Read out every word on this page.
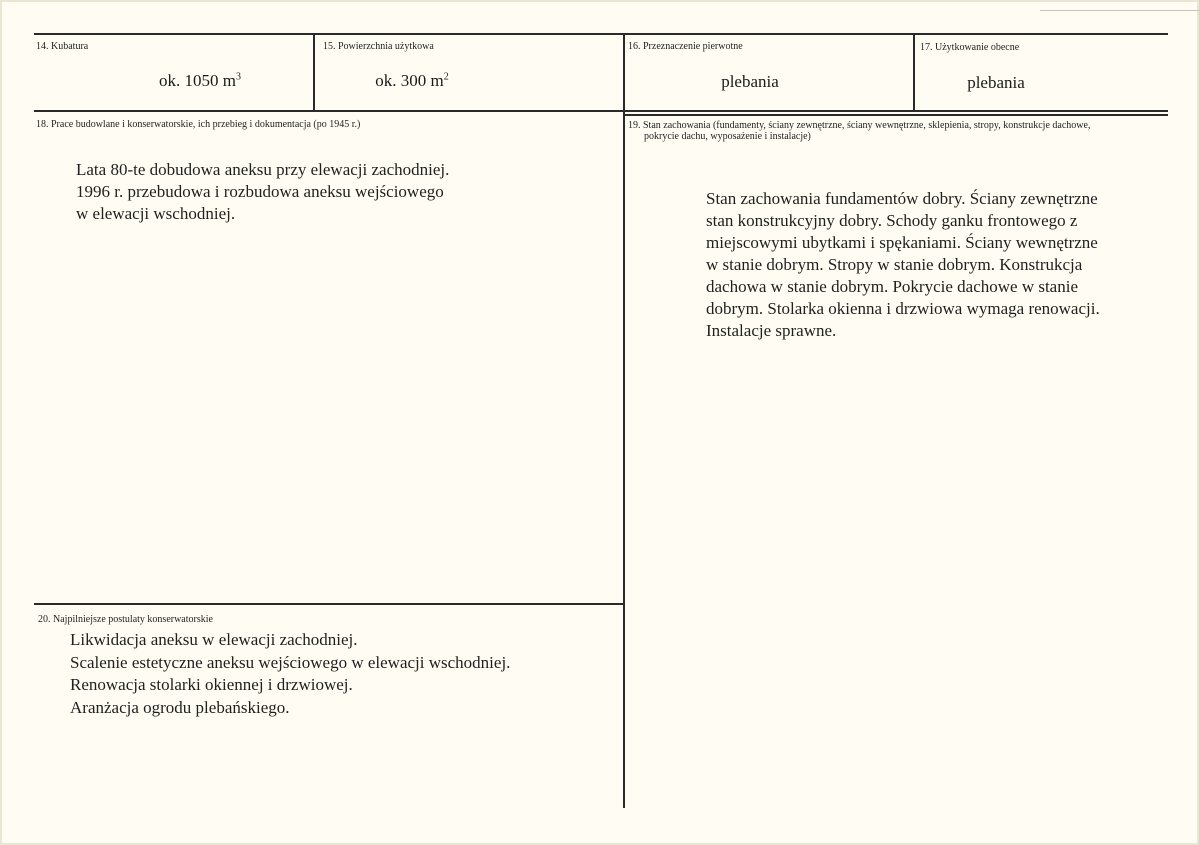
14. Kubatura
ok. 1050 $m^3$
15. Powierzchnia użytkowa
ok. 300 $m^2$
16. Przeznaczenie pierwotne
plebania
17. Użytkowanie obecne
plebania
18. Prace budowlane i konserwatorskie, ich przebieg i dokumentacja (po 1945 r.)
Lata 80-te dobudowa aneksu przy elewacji zachodniej.
1996 r. przebudowa i rozbudowa aneksu wejściowego
w elewacji wschodniej.
19. Stan zachowania (fundamenty, ściany zewnętrzne, ściany wewnętrzne, sklepienia, stropy, konstrukcje dachowe,
pokrycie dachu, wyposażenie i instalacje)
Stan zachowania fundamentów dobry. Ściany zewnętrzne
stan konstrukcyjny dobry. Schody ganku frontowego z
miejscowymi ubytkami i spękaniami. Ściany wewnętrzne
w stanie dobrym. Stropy w stanie dobrym. Konstrukcja
dachowa w stanie dobrym. Pokrycie dachowe w stanie
dobrym. Stolarka okienna i drzwiowa wymaga renowacji.
Instalacje sprawne.
20. Najpilniejsze postulaty konserwatorskie
Likwidacja aneksu w elewacji zachodniej.
Scalenie estetyczne aneksu wejściowego w elewacji wschodniej.
Renowacja stolarki okiennej i drzwiowej.
Aranżacja ogrodu plebańskiego.
